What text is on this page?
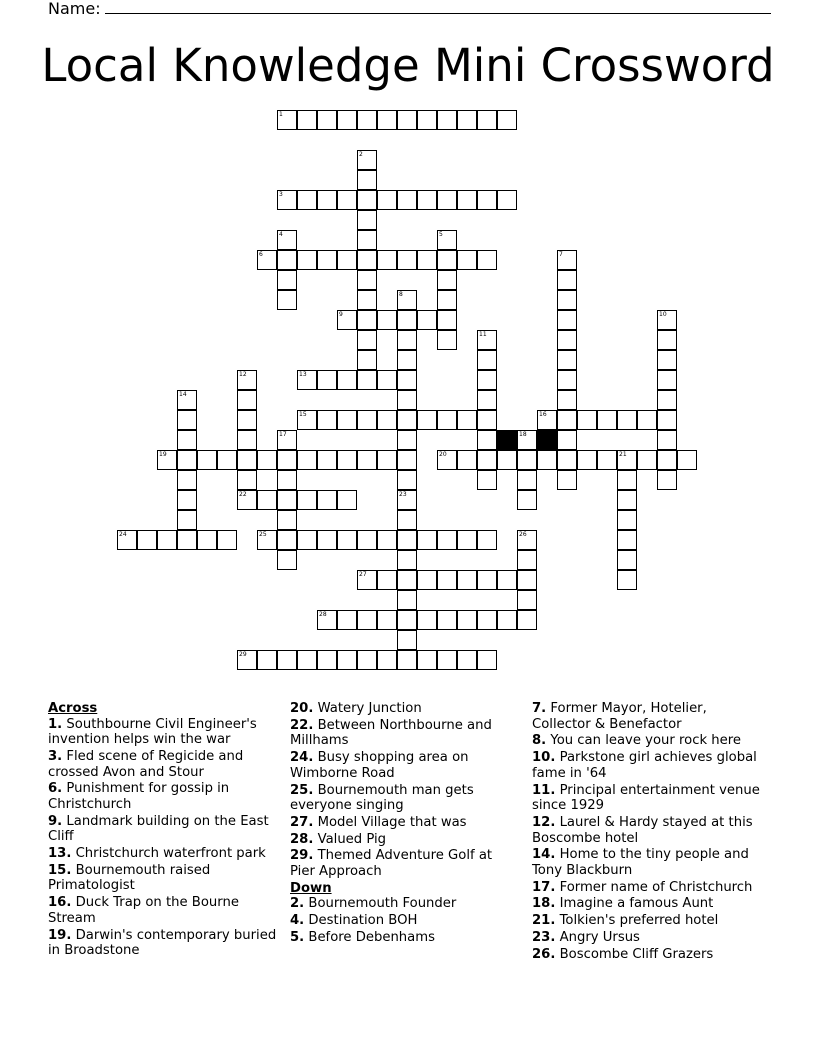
Name:
Local Knowledge Mini Crossword
1
3
6
9
13
15	16
19	20	21
22
24	25
27
28
29
2
4	5
7
8
23
10
11
12
14
17	18
26
Across
1. Southbourne Civil Engineer's invention helps win the war
3. Fled scene of Regicide and crossed Avon and Stour
6. Punishment for gossip in Christchurch
9. Landmark building on the East Cliff
13. Christchurch waterfront park
15. Bournemouth raised Primatologist
16. Duck Trap on the Bourne Stream
19. Darwin's contemporary buried in Broadstone
20. Watery Junction
22. Between Northbourne and Millhams
24. Busy shopping area on Wimborne Road
25. Bournemouth man gets everyone singing
27. Model Village that was
28. Valued Pig
29. Themed Adventure Golf at Pier Approach
Down
2. Bournemouth Founder
4. Destination BOH
5. Before Debenhams
7. Former Mayor, Hotelier, Collector & Benefactor
8. You can leave your rock here
10. Parkstone girl achieves global fame in '64
11. Principal entertainment venue since 1929
12. Laurel & Hardy stayed at this Boscombe hotel
14. Home to the tiny people and Tony Blackburn
17. Former name of Christchurch
18. Imagine a famous Aunt
21. Tolkien's preferred hotel
23. Angry Ursus
26. Boscombe Cliff Grazers
